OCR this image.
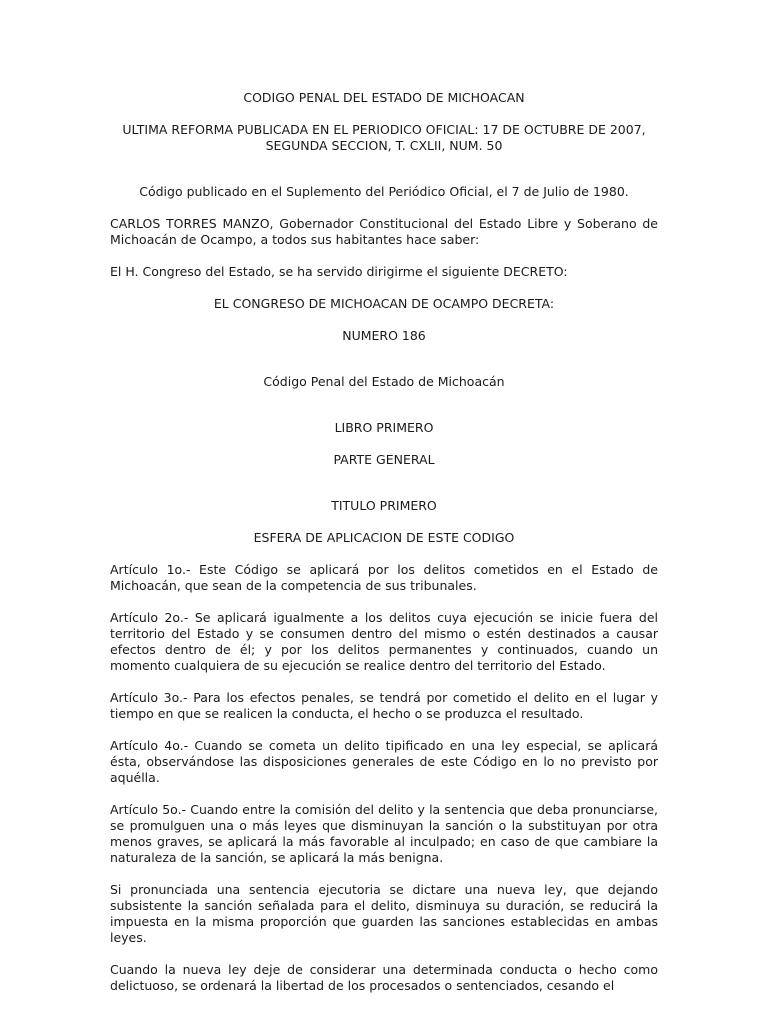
CODIGO PENAL DEL ESTADO DE MICHOACAN

ULTIMA REFORMA PUBLICADA EN EL PERIODICO OFICIAL: 17 DE OCTUBRE DE 2007, SEGUNDA SECCION, T. CXLII, NUM. 50

Código publicado en el Suplemento del Periódico Oficial, el 7 de Julio de 1980.

CARLOS TORRES MANZO, Gobernador Constitucional del Estado Libre y Soberano de Michoacán de Ocampo, a todos sus habitantes hace saber:

El H. Congreso del Estado, se ha servido dirigirme el siguiente DECRETO:

EL CONGRESO DE MICHOACAN DE OCAMPO DECRETA:

NUMERO 186

Código Penal del Estado de Michoacán

LIBRO PRIMERO

PARTE GENERAL

TITULO PRIMERO

ESFERA DE APLICACION DE ESTE CODIGO

Artículo 1o.- Este Código se aplicará por los delitos cometidos en el Estado de Michoacán, que sean de la competencia de sus tribunales.

Artículo 2o.- Se aplicará igualmente a los delitos cuya ejecución se inicie fuera del territorio del Estado y se consumen dentro del mismo o estén destinados a causar efectos dentro de él; y por los delitos permanentes y continuados, cuando un momento cualquiera de su ejecución se realice dentro del territorio del Estado.

Artículo 3o.- Para los efectos penales, se tendrá por cometido el delito en el lugar y tiempo en que se realicen la conducta, el hecho o se produzca el resultado.

Artículo 4o.- Cuando se cometa un delito tipificado en una ley especial, se aplicará ésta, observándose las disposiciones generales de este Código en lo no previsto por aquélla.

Artículo 5o.- Cuando entre la comisión del delito y la sentencia que deba pronunciarse, se promulguen una o más leyes que disminuyan la sanción o la substituyan por otra menos graves, se aplicará la más favorable al inculpado; en caso de que cambiare la naturaleza de la sanción, se aplicará la más benigna.

Si pronunciada una sentencia ejecutoria se dictare una nueva ley, que dejando subsistente la sanción señalada para el delito, disminuya su duración, se reducirá la impuesta en la misma proporción que guarden las sanciones establecidas en ambas leyes.

Cuando la nueva ley deje de considerar una determinada conducta o hecho como delictuoso, se ordenará la libertad de los procesados o sentenciados, cesando el
